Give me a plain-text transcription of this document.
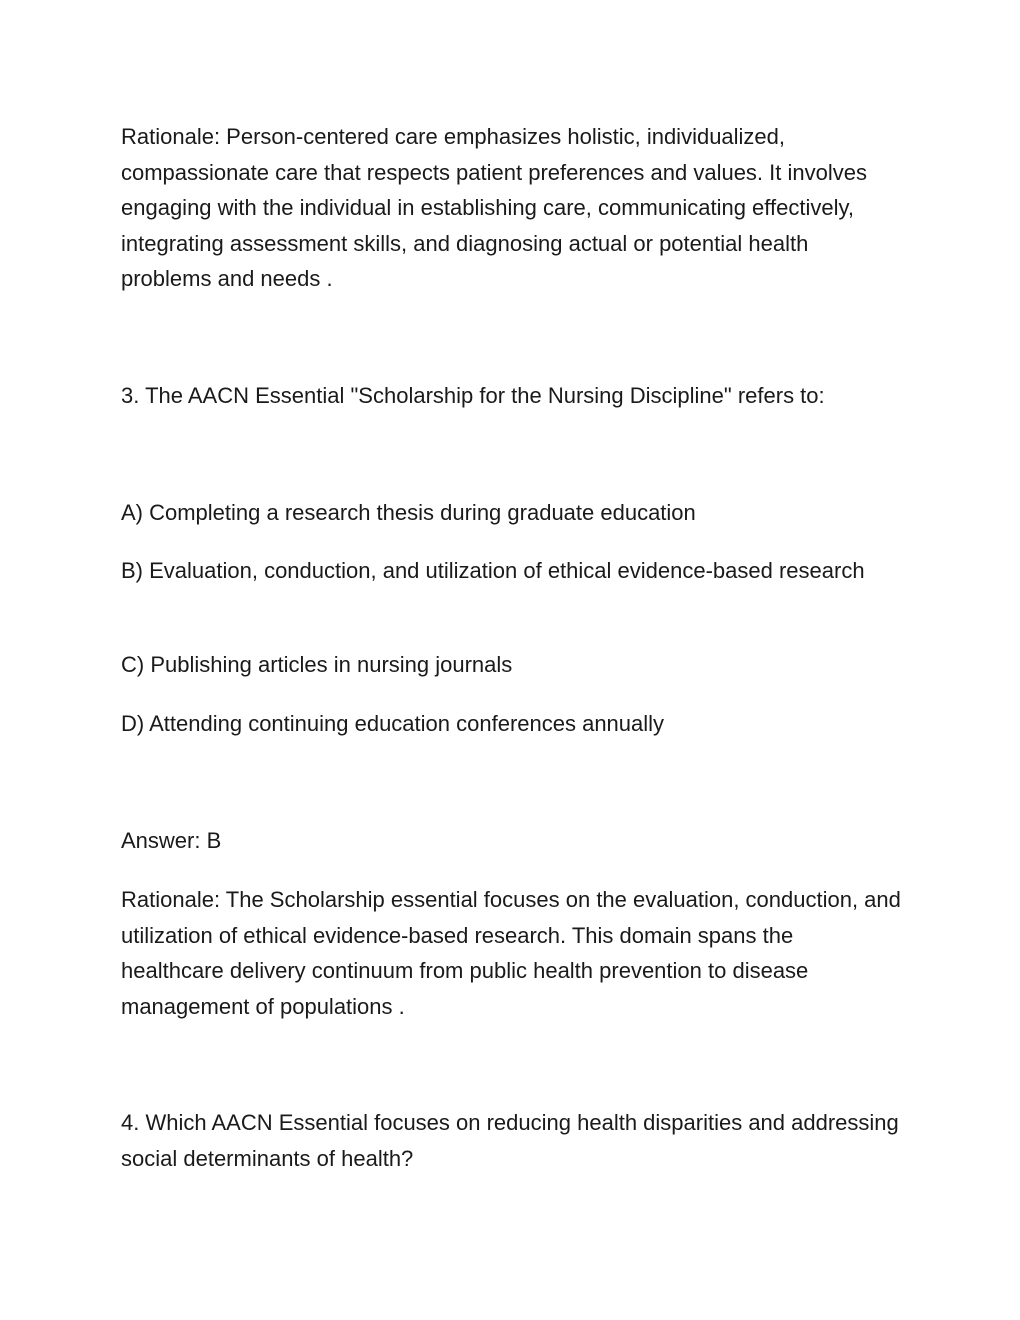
Rationale: Person-centered care emphasizes holistic, individualized, compassionate care that respects patient preferences and values. It involves engaging with the individual in establishing care, communicating effectively, integrating assessment skills, and diagnosing actual or potential health problems and needs .

3. The AACN Essential "Scholarship for the Nursing Discipline" refers to:

A) Completing a research thesis during graduate education

B) Evaluation, conduction, and utilization of ethical evidence-based research

C) Publishing articles in nursing journals

D) Attending continuing education conferences annually

Answer: B

Rationale: The Scholarship essential focuses on the evaluation, conduction, and utilization of ethical evidence-based research. This domain spans the healthcare delivery continuum from public health prevention to disease management of populations .

4. Which AACN Essential focuses on reducing health disparities and addressing social determinants of health?
